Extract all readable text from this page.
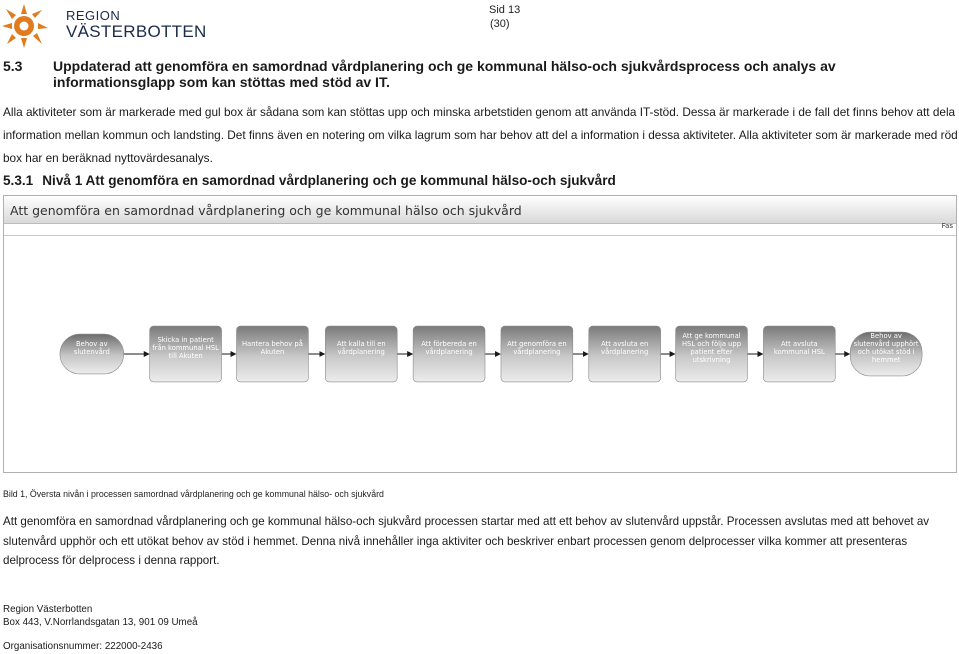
REGION
VÄSTERBOTTEN
Sid 13
(30)
5.3 Uppdaterad att genomföra en samordnad vårdplanering och ge kommunal hälso-och sjukvårdsprocess och analys av informationsglapp som kan stöttas med stöd av IT.
Alla aktiviteter som är markerade med gul box är sådana som kan stöttas upp och minska arbetstiden genom att använda IT-stöd. Dessa är markerade i de fall det finns behov att dela information mellan kommun och landsting. Det finns även en notering om vilka lagrum som har behov att del a information i dessa aktiviteter. Alla aktiviteter som är markerade med röd box har en beräknad nyttovärdesanalys.
5.3.1 Nivå 1 Att genomföra en samordnad vårdplanering och ge kommunal hälso-och sjukvård
Att genomföra en samordnad vårdplanering och ge kommunal hälso och sjukvård
Fas
Behov av slutenvård
Skicka in patient från kommunal HSL till Akuten
Hantera behov på Akuten
Att kalla till en vårdplanering
Att förbereda en vårdplanering
Att genomföra en vårdplanering
Att avsluta en vårdplanering
Att ge kommunal HSL och följa upp patient efter utskrivning
Att avsluta kommunal HSL
Behov av slutenvård upphört och utökat stöd i hemmet
Bild 1, Översta nivån i processen samordnad vårdplanering och ge kommunal hälso- och sjukvård
Att genomföra en samordnad vårdplanering och ge kommunal hälso-och sjukvård processen startar med att ett behov av slutenvård uppstår. Processen avslutas med att behovet av slutenvård upphör och ett utökat behov av stöd i hemmet. Denna nivå innehåller inga aktiviter och beskriver enbart processen genom delprocesser vilka kommer att presenteras delprocess för delprocess i denna rapport.
Region Västerbotten
Box 443, V.Norrlandsgatan 13, 901 09 Umeå
Organisationsnummer: 222000-2436
